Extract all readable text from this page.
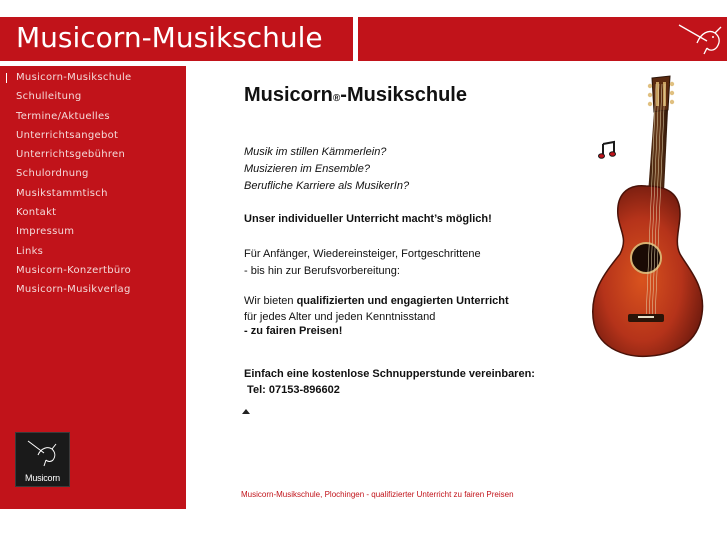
Musicorn-Musikschule
Musicorn-Musikschule
Schulleitung
Termine/Aktuelles
Unterrichtsangebot
Unterrichtsgebühren
Schulordnung
Musikstammtisch
Kontakt
Impressum
Links
Musicorn-Konzertbüro
Musicorn-Musikverlag
Musicorn
Musicorn®-Musikschule
Musik im stillen Kämmerlein?
Musizieren im Ensemble?
Berufliche Karriere als MusikerIn?
Unser individueller Unterricht macht’s möglich!
Für Anfänger, Wiedereinsteiger, Fortgeschrittene
- bis hin zur Berufsvorbereitung:
Wir bieten qualifizierten und engagierten Unterricht
für jedes Alter und jeden Kenntnisstand
- zu fairen Preisen!
Einfach eine kostenlose Schnupperstunde vereinbaren:
Tel: 07153-896602
Musicorn-Musikschule, Plochingen - qualifizierter Unterricht zu fairen Preisen
